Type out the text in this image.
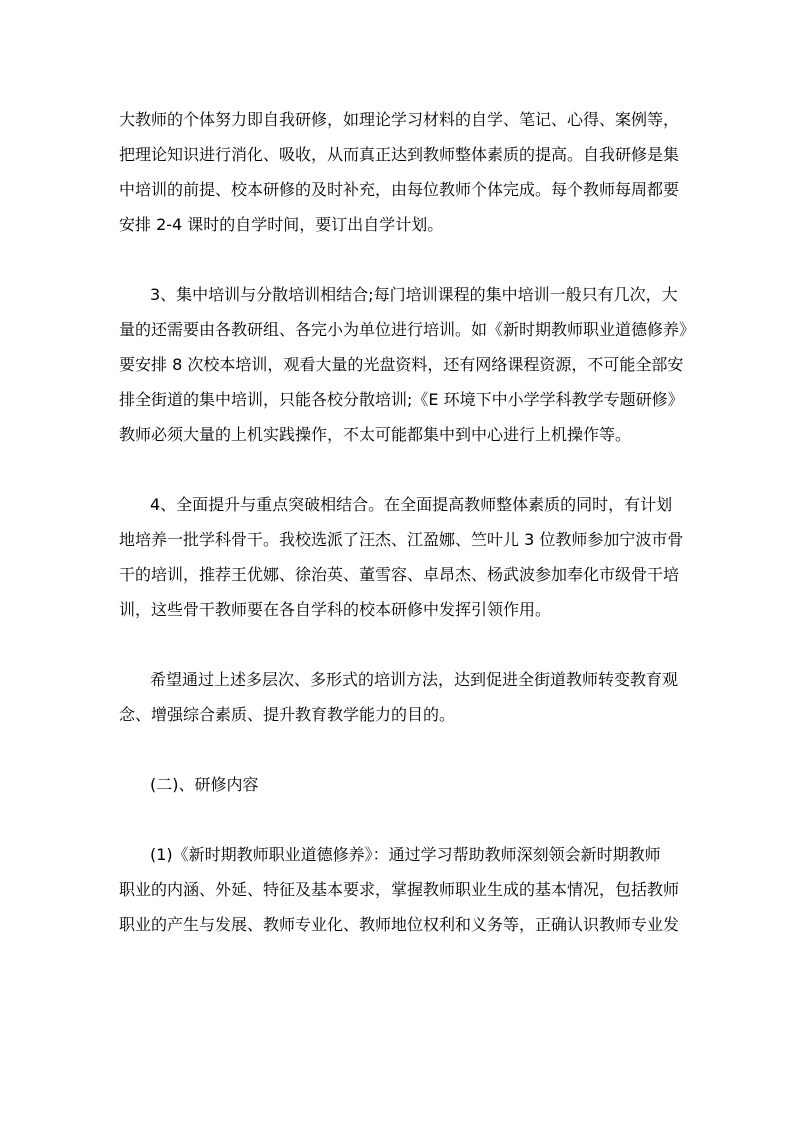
大教师的个体努力即自我研修，如理论学习材料的自学、笔记、心得、案例等，
把理论知识进行消化、吸收，从而真正达到教师整体素质的提高。自我研修是集
中培训的前提、校本研修的及时补充，由每位教师个体完成。每个教师每周都要
安排 2-4 课时的自学时间，要订出自学计划。
3、集中培训与分散培训相结合;每门培训课程的集中培训一般只有几次，大
量的还需要由各教研组、各完小为单位进行培训。如《新时期教师职业道德修养》
要安排 8 次校本培训，观看大量的光盘资料，还有网络课程资源，不可能全部安
排全街道的集中培训，只能各校分散培训;《E 环境下中小学学科教学专题研修》
教师必须大量的上机实践操作，不太可能都集中到中心进行上机操作等。
4、全面提升与重点突破相结合。在全面提高教师整体素质的同时，有计划
地培养一批学科骨干。我校选派了汪杰、江盈娜、竺叶儿 3 位教师参加宁波市骨
干的培训，推荐王优娜、徐治英、董雪容、卓昂杰、杨武波参加奉化市级骨干培
训，这些骨干教师要在各自学科的校本研修中发挥引领作用。
希望通过上述多层次、多形式的培训方法，达到促进全街道教师转变教育观
念、增强综合素质、提升教育教学能力的目的。
(二)、研修内容
(1)《新时期教师职业道德修养》：通过学习帮助教师深刻领会新时期教师
职业的内涵、外延、特征及基本要求，掌握教师职业生成的基本情况，包括教师
职业的产生与发展、教师专业化、教师地位权利和义务等，正确认识教师专业发
